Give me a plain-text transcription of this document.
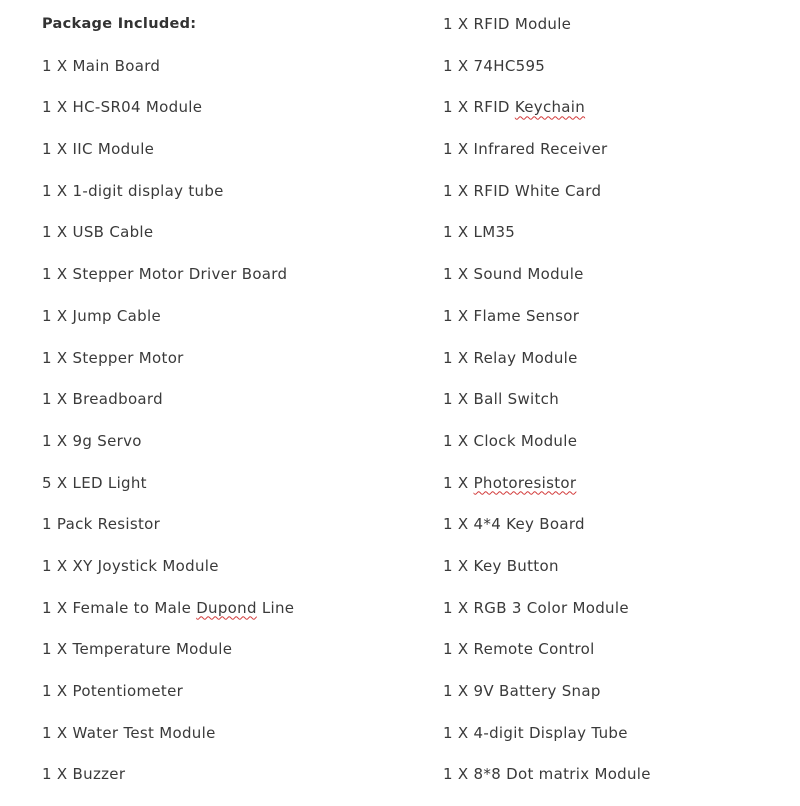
Package Included:
1 X Main Board
1 X HC-SR04 Module
1 X IIC Module
1 X 1-digit display tube
1 X USB Cable
1 X Stepper Motor Driver Board
1 X Jump Cable
1 X Stepper Motor
1 X Breadboard
1 X 9g Servo
5 X LED Light
1 Pack Resistor
1 X XY Joystick Module
1 X Female to Male Dupond Line
1 X Temperature Module
1 X Potentiometer
1 X Water Test Module
1 X Buzzer
1 X RFID Module
1 X 74HC595
1 X RFID Keychain
1 X Infrared Receiver
1 X RFID White Card
1 X LM35
1 X Sound Module
1 X Flame Sensor
1 X Relay Module
1 X Ball Switch
1 X Clock Module
1 X Photoresistor
1 X 4*4 Key Board
1 X Key Button
1 X RGB 3 Color Module
1 X Remote Control
1 X 9V Battery Snap
1 X 4-digit Display Tube
1 X 8*8 Dot matrix Module
